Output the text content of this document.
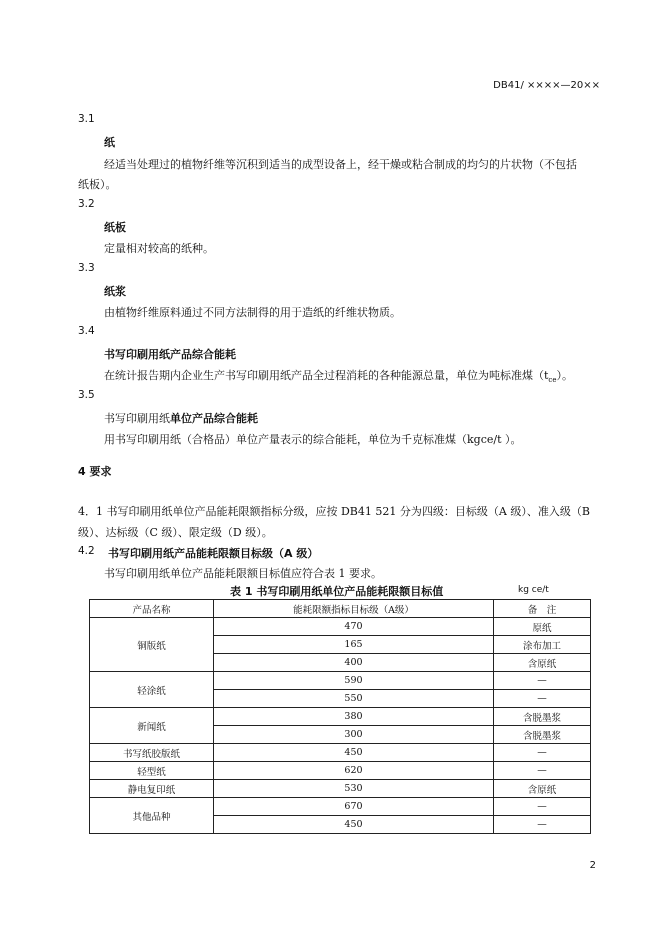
DB41/ ××××—20××
3.1
纸
经适当处理过的植物纤维等沉积到适当的成型设备上，经干燥或粘合制成的均匀的片状物（不包括
纸板）。
3.2
纸板
定量相对较高的纸种。
3.3
纸浆
由植物纤维原料通过不同方法制得的用于造纸的纤维状物质。
3.4
书写印刷用纸产品综合能耗
在统计报告期内企业生产书写印刷用纸产品全过程消耗的各种能源总量，单位为吨标准煤$(t_{ce})$。
3.5
书写印刷用纸单位产品综合能耗
用书写印刷用纸（合格品）单位产量表示的综合能耗，单位为千克标准煤（kgce/t ）。
4 要求
4．1 书写印刷用纸单位产品能耗限额指标分级，应按 DB41 521 分为四级：目标级（A 级）、准入级（B
级）、达标级（C 级）、限定级（D 级）。
4.2 书写印刷用纸产品能耗限额目标级（A 级）
书写印刷用纸单位产品能耗限额目标值应符合表 1 要求。
表 1 书写印刷用纸单位产品能耗限额目标值	kg ce/t
产品名称	能耗限额指标目标级（A级）	备　注
铜版纸	470	原纸
	165	涂布加工
	400	含原纸
轻涂纸	590	—
	550	—
新闻纸	380	含脱墨浆
	300	含脱墨浆
书写纸胶版纸	450	—
轻型纸	620	—
静电复印纸	530	含原纸
其他品种	670	—
	450	—
2
